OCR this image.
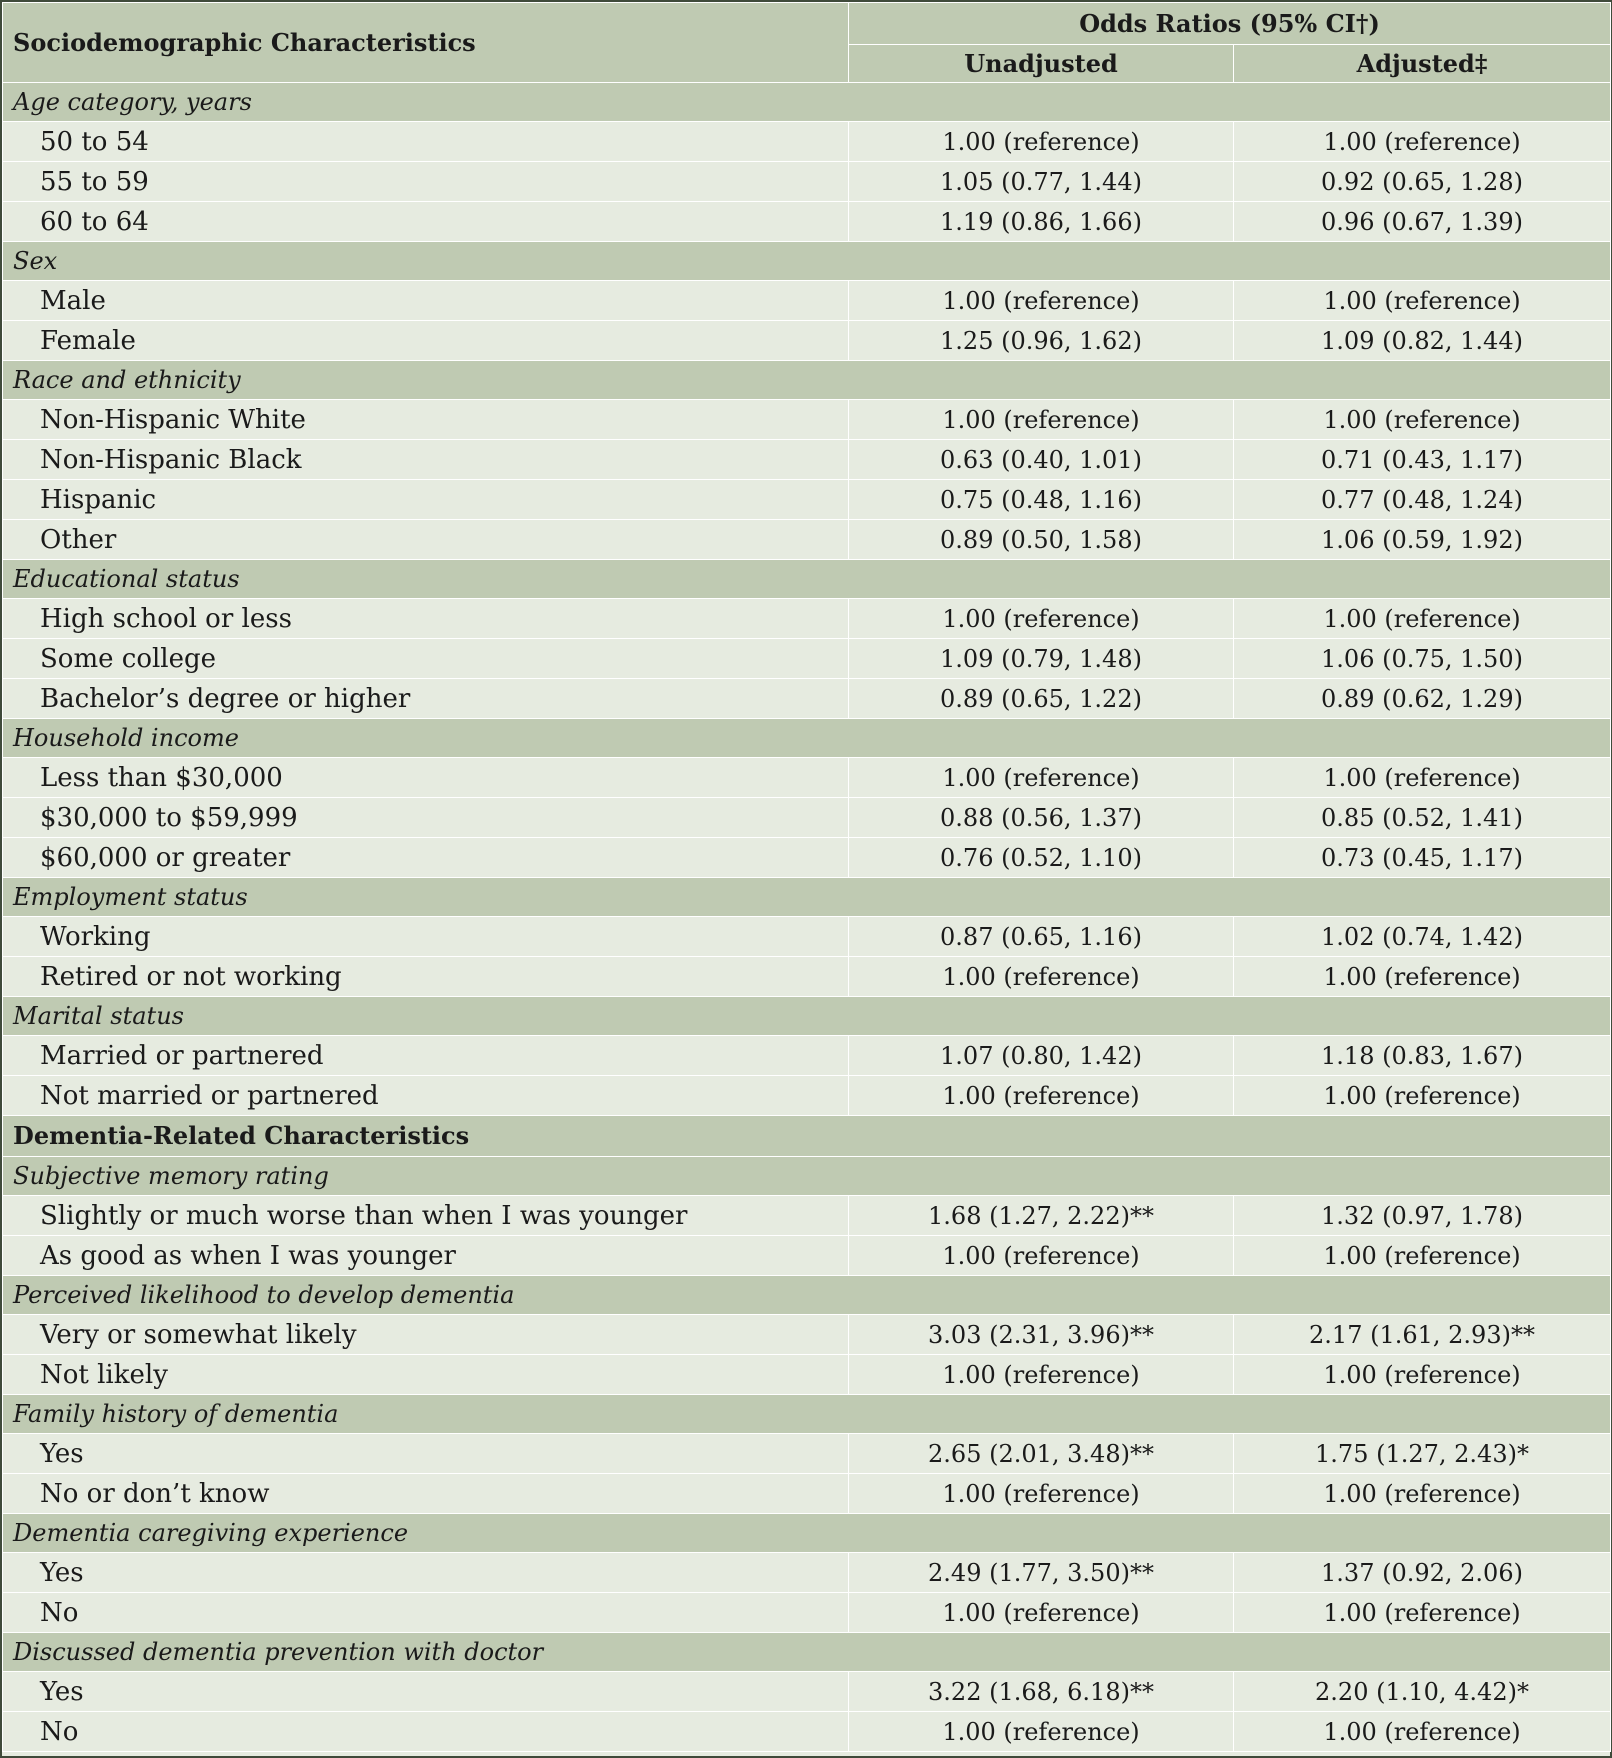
Sociodemographic Characteristics	Odds Ratios (95% CI†)	
	Unadjusted	Adjusted‡
Age category, years		
50 to 54	1.00 (reference)	1.00 (reference)
55 to 59	1.05 (0.77, 1.44)	0.92 (0.65, 1.28)
60 to 64	1.19 (0.86, 1.66)	0.96 (0.67, 1.39)
Sex		
Male	1.00 (reference)	1.00 (reference)
Female	1.25 (0.96, 1.62)	1.09 (0.82, 1.44)
Race and ethnicity		
Non-Hispanic White	1.00 (reference)	1.00 (reference)
Non-Hispanic Black	0.63 (0.40, 1.01)	0.71 (0.43, 1.17)
Hispanic	0.75 (0.48, 1.16)	0.77 (0.48, 1.24)
Other	0.89 (0.50, 1.58)	1.06 (0.59, 1.92)
Educational status		
High school or less	1.00 (reference)	1.00 (reference)
Some college	1.09 (0.79, 1.48)	1.06 (0.75, 1.50)
Bachelor’s degree or higher	0.89 (0.65, 1.22)	0.89 (0.62, 1.29)
Household income		
Less than $30,000	1.00 (reference)	1.00 (reference)
$30,000 to $59,999	0.88 (0.56, 1.37)	0.85 (0.52, 1.41)
$60,000 or greater	0.76 (0.52, 1.10)	0.73 (0.45, 1.17)
Employment status		
Working	0.87 (0.65, 1.16)	1.02 (0.74, 1.42)
Retired or not working	1.00 (reference)	1.00 (reference)
Marital status		
Married or partnered	1.07 (0.80, 1.42)	1.18 (0.83, 1.67)
Not married or partnered	1.00 (reference)	1.00 (reference)
Dementia-Related Characteristics		
Subjective memory rating		
Slightly or much worse than when I was younger	1.68 (1.27, 2.22)**	1.32 (0.97, 1.78)
As good as when I was younger	1.00 (reference)	1.00 (reference)
Perceived likelihood to develop dementia		
Very or somewhat likely	3.03 (2.31, 3.96)**	2.17 (1.61, 2.93)**
Not likely	1.00 (reference)	1.00 (reference)
Family history of dementia		
Yes	2.65 (2.01, 3.48)**	1.75 (1.27, 2.43)*
No or don’t know	1.00 (reference)	1.00 (reference)
Dementia caregiving experience		
Yes	2.49 (1.77, 3.50)**	1.37 (0.92, 2.06)
No	1.00 (reference)	1.00 (reference)
Discussed dementia prevention with doctor		
Yes	3.22 (1.68, 6.18)**	2.20 (1.10, 4.42)*
No	1.00 (reference)	1.00 (reference)
